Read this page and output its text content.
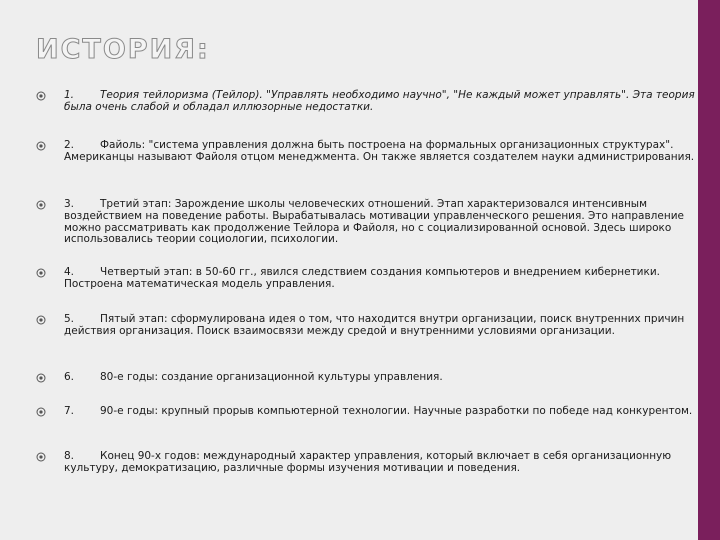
ИСТОРИЯ:
1. Теория тейлоризма (Тейлор). "Управлять необходимо научно", "Не каждый может управлять". Эта теория была очень слабой и обладал иллюзорные недостатки.
2. Файоль: "система управления должна быть построена на формальных организационных структурах". Американцы называют Файоля отцом менеджмента. Он также является создателем науки администрирования.
3. Третий этап: Зарождение школы человеческих отношений. Этап характеризовался интенсивным воздействием на поведение работы. Вырабатывалась мотивации управленческого решения. Это направление можно рассматривать как продолжение Тейлора и Файоля, но с социализированной основой. Здесь широко использовались теории социологии, психологии.
4. Четвертый этап: в 50-60 гг., явился следствием создания компьютеров и внедрением кибернетики. Построена математическая модель управления.
5. Пятый этап: сформулирована идея о том, что находится внутри организации, поиск внутренних причин действия организация. Поиск взаимосвязи между средой и внутренними условиями организации.
6. 80-е годы: создание организационной культуры управления.
7. 90-е годы: крупный прорыв компьютерной технологии. Научные разработки по победе над конкурентом.
8. Конец 90-х годов: международный характер управления, который включает в себя организационную культуру, демократизацию, различные формы изучения мотивации и поведения.
